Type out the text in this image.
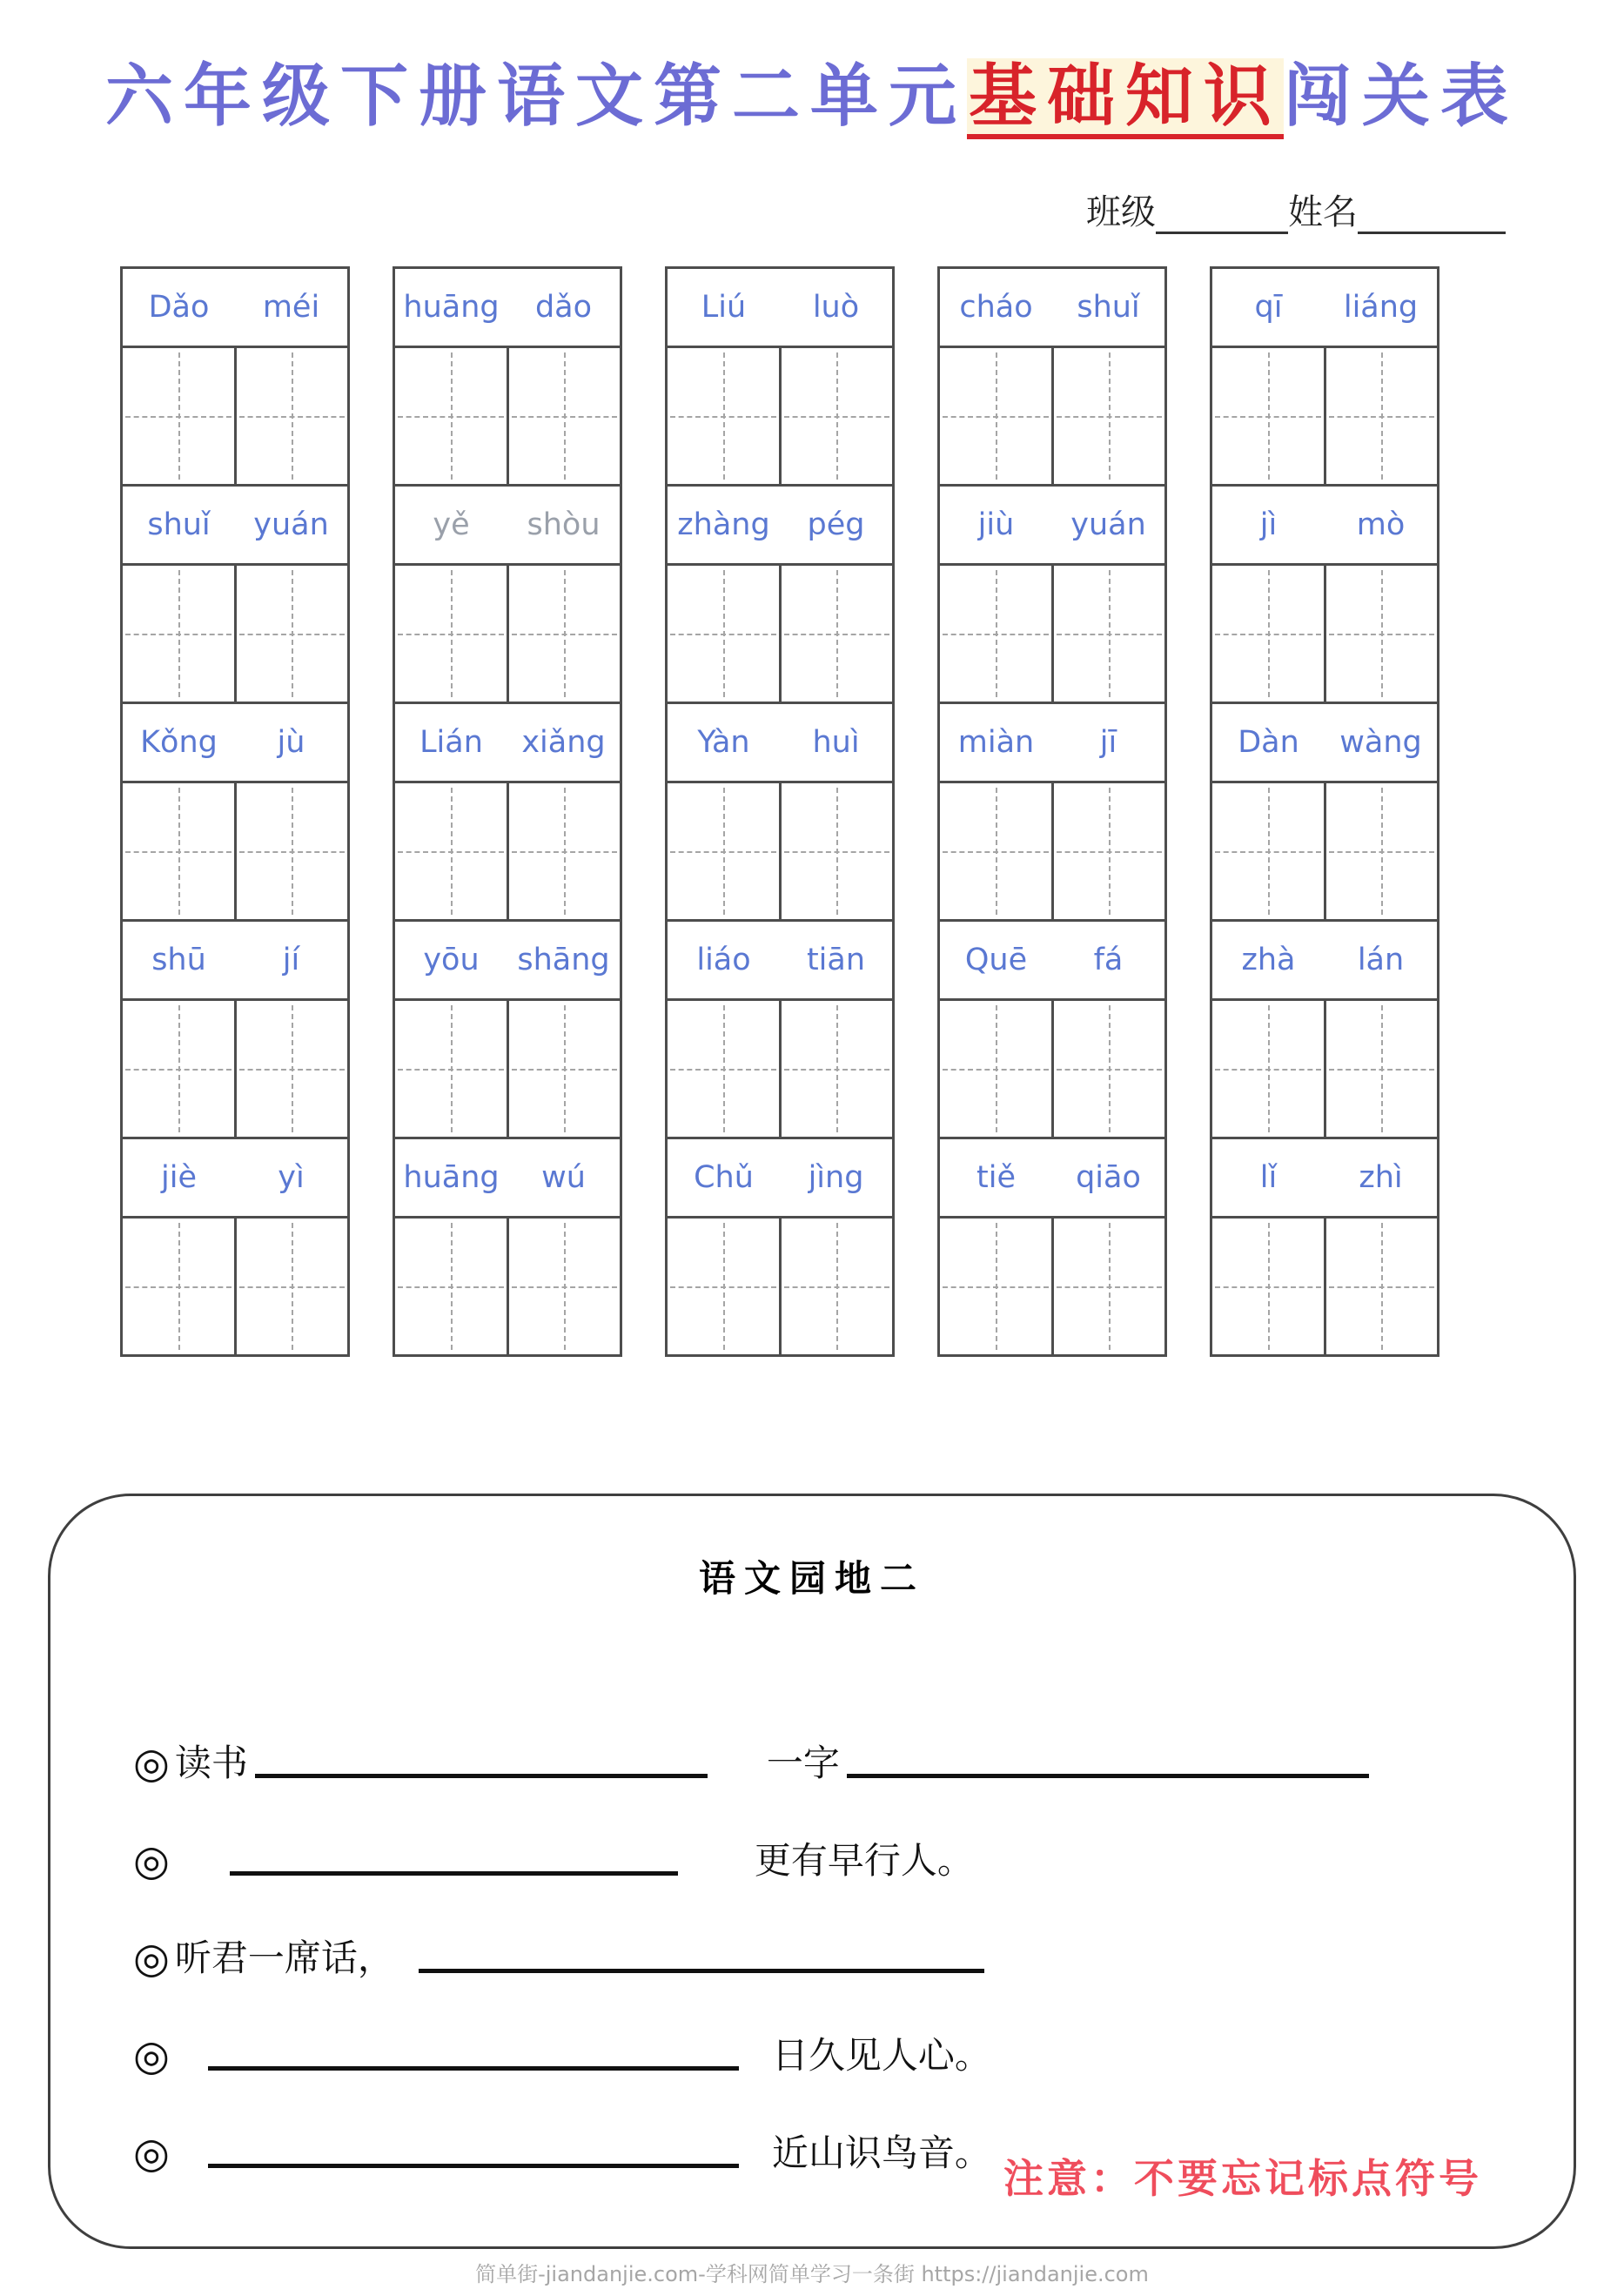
六年级下册语文第二单元基础知识闯关表
班级	姓名
Dǎo	méi
shuǐ	yuán
Kǒng	jù
shū	jí
jiè	yì
huāng	dǎo
yě	shòu
Lián	xiǎng
yōu	shāng
huāng	wú
Liú	luò
zhàng	pég
Yàn	huì
liáo	tiān
Chǔ	jìng
cháo	shuǐ
jiù	yuán
miàn	jī
Quē	fá
tiě	qiāo
qī	liáng
jì	mò
Dàn	wàng
zhà	lán
lǐ	zhì
语文园地二
◎ 读书	一字
◎	更有早行人。
◎ 听君一席话，
◎	日久见人心。
◎	近山识鸟音。
注意：不要忘记标点符号
简单街-jiandanjie.com-学科网简单学习一条街 https://jiandanjie.com
